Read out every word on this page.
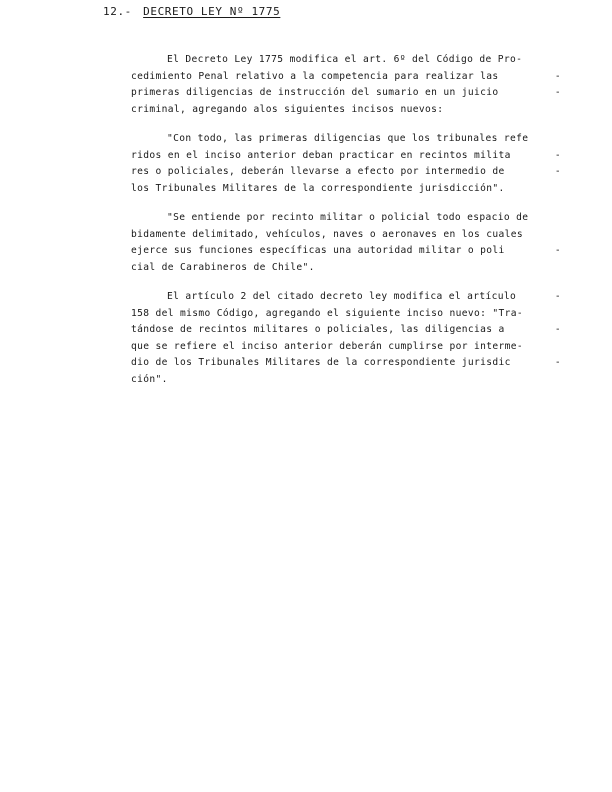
12.- DECRETO LEY Nº 1775
El Decreto Ley 1775 modifica el art. 6º del Código de Pro-
cedimiento Penal relativo a la competencia para realizar las	-
primeras diligencias de instrucción del sumario en un juicio	-
criminal, agregando alos siguientes incisos nuevos:
"Con todo, las primeras diligencias que los tribunales refe
ridos en el inciso anterior deban practicar en recintos milita	-
res o policiales, deberán llevarse a efecto por intermedio de	-
los Tribunales Militares de la correspondiente jurisdicción".
"Se entiende por recinto militar o policial todo espacio de
bidamente delimitado, vehículos, naves o aeronaves en los cuales
ejerce sus funciones específicas una autoridad militar o poli	-
cial de Carabineros de Chile".
El artículo 2 del citado decreto ley modifica el artículo	-
158 del mismo Código, agregando el siguiente inciso nuevo: "Tra-
tándose de recintos militares o policiales, las diligencias a	-
que se refiere el inciso anterior deberán cumplirse por interme-
dio de los Tribunales Militares de la correspondiente jurisdic	-
ción".
